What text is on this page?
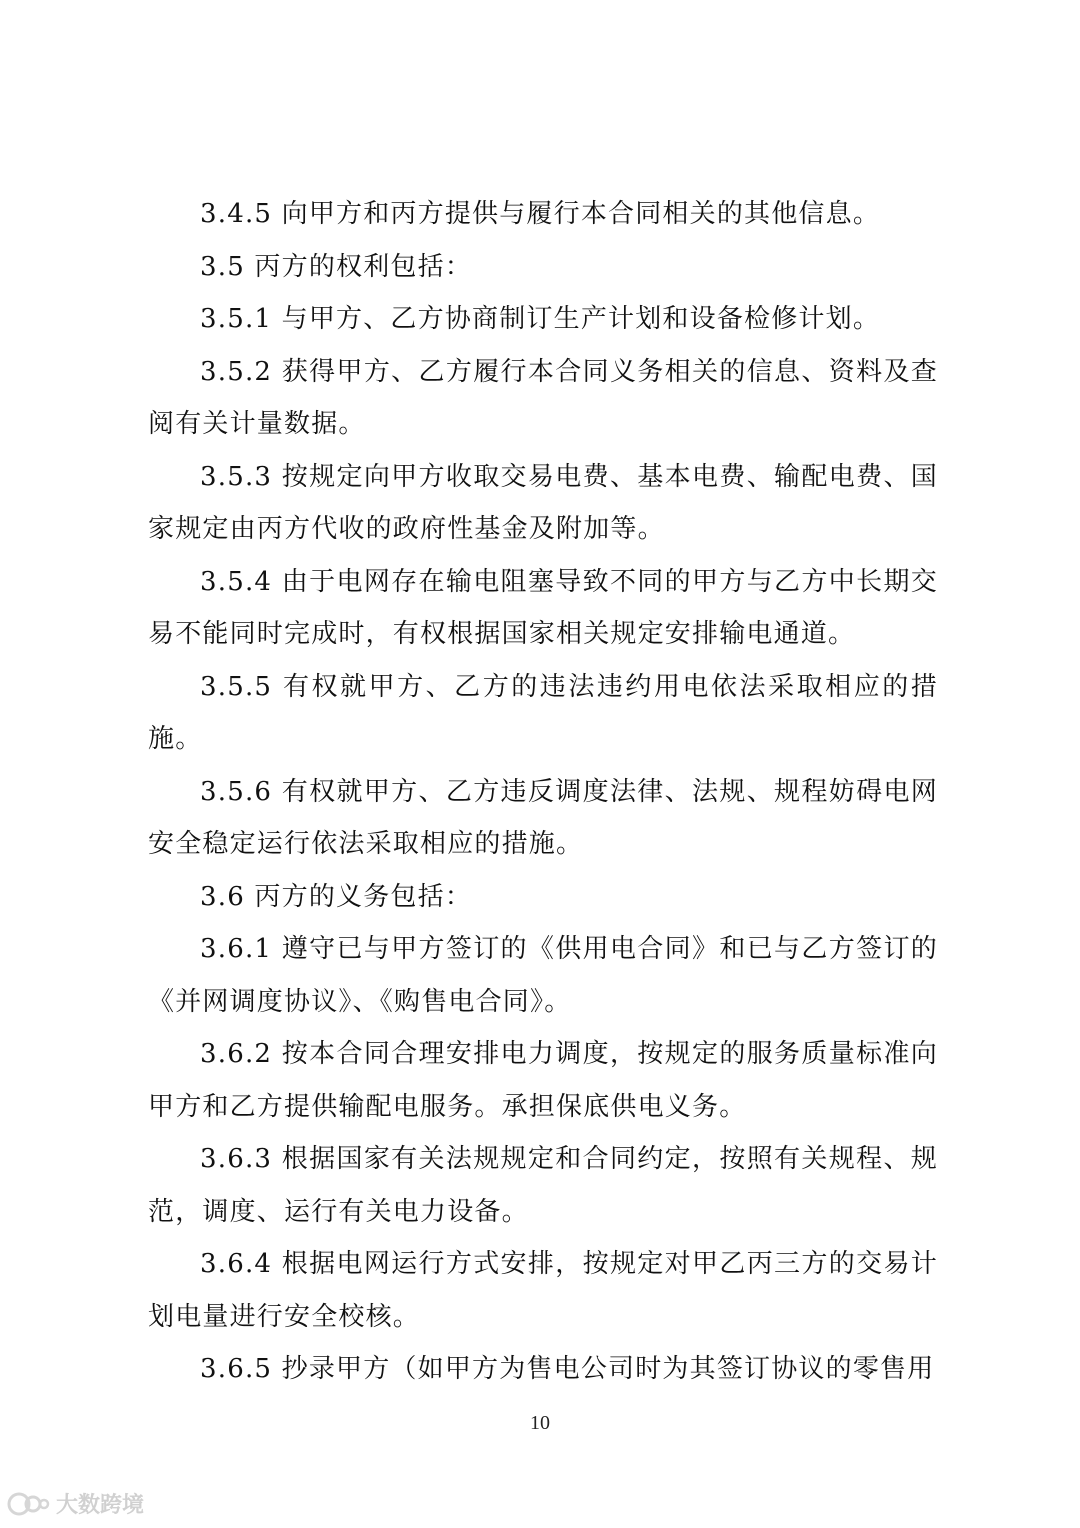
3.4.5 向甲方和丙方提供与履行本合同相关的其他信息。

3.5 丙方的权利包括：

3.5.1 与甲方、乙方协商制订生产计划和设备检修计划。

3.5.2 获得甲方、乙方履行本合同义务相关的信息、资料及查阅有关计量数据。

3.5.3 按规定向甲方收取交易电费、基本电费、输配电费、国家规定由丙方代收的政府性基金及附加等。

3.5.4 由于电网存在输电阻塞导致不同的甲方与乙方中长期交易不能同时完成时，有权根据国家相关规定安排输电通道。

3.5.5 有权就甲方、乙方的违法违约用电依法采取相应的措施。

3.5.6 有权就甲方、乙方违反调度法律、法规、规程妨碍电网安全稳定运行依法采取相应的措施。

3.6 丙方的义务包括：

3.6.1 遵守已与甲方签订的《供用电合同》和已与乙方签订的《并网调度协议》、《购售电合同》。

3.6.2 按本合同合理安排电力调度，按规定的服务质量标准向甲方和乙方提供输配电服务。承担保底供电义务。

3.6.3 根据国家有关法规规定和合同约定，按照有关规程、规范，调度、运行有关电力设备。

3.6.4 根据电网运行方式安排，按规定对甲乙丙三方的交易计划电量进行安全校核。

3.6.5 抄录甲方（如甲方为售电公司时为其签订协议的零售用

10
大数跨境
